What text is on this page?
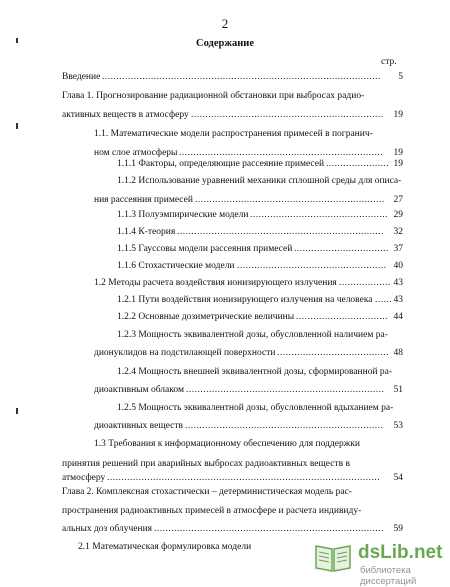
2
Содержание
стр.
Введение .................................................................................................	5
Глава 1. Прогнозирование радиационной обстановки при выбросах радио-
активных веществ в атмосферу ...................................................................	19
1.1. Математические модели распространения примесей в погранич-
ном слое атмосферы .......................................................................	19
1.1.1 Факторы, определяющие рассеяние примесей ...................... 19
1.1.2 Использование уравнений механики сплошной среды для опиcа-
ния рассеяния примесей .................................................................. 27
1.1.3 Полуэмпирические модели ................................................ 29
1.1.4 К-теория ........................................................................	32
1.1.5 Гауссовы модели рассеяния примесей ................................. 37
1.1.6 Стохастические модели .................................................... 40
1.2 Методы расчета воздействия ионизирующего излучения .................. 43
1.2.1 Пути воздействия ионизирующего излучения на человека ...... 43
1.2.2 Основные дозиметрические величины ................................ 44
1.2.3 Мощность эквивалентной дозы, обусловленной наличием ра-
дионуклидов на подстилающей поверхности ....................................... 48
1.2.4 Мощность внешней эквивалентной дозы, сформированной ра-
диоактивным облаком ..................................................................... 51
1.2.5 Мощность эквивалентной дозы, обусловленной вдыханием ра-
диоактивных веществ .....................................................................	53
1.3 Требования к информационному обеспечению для поддержки
принятия решений при аварийных выбросах радиоактивных веществ в
атмосферу ...............................................................................................	54
Глава 2. Комплексная стохастически – детерминистическая модель рас-
пространения радиоактивных примесей в атмосфере и расчета индивиду-
альных доз облучения ................................................................................	59
2.1 Математическая формулировка модели	dsLib.net
библиотека диссертаций
